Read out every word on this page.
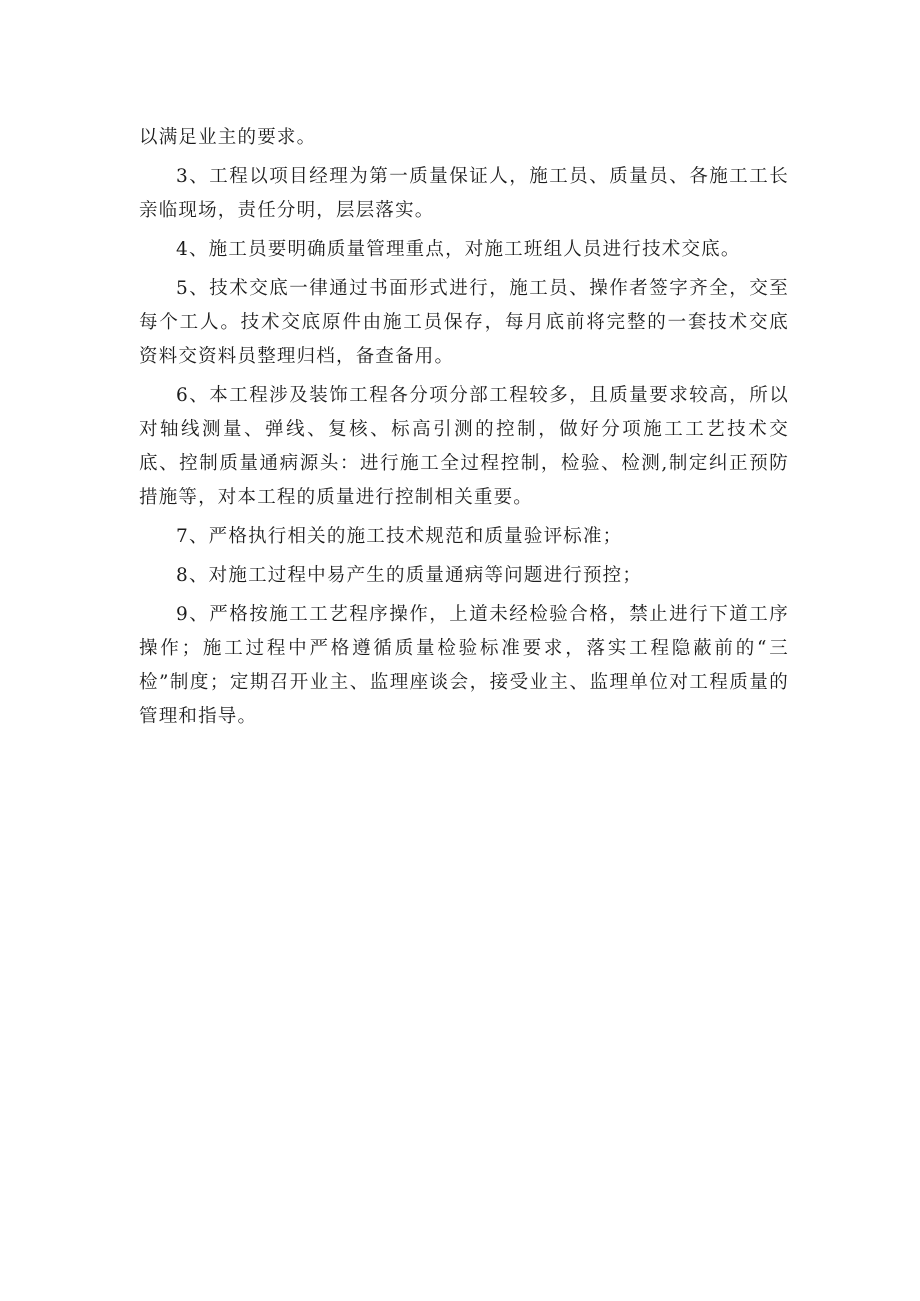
以满足业主的要求。

3、工程以项目经理为第一质量保证人，施工员、质量员、各施工工长亲临现场，责任分明，层层落实。

4、施工员要明确质量管理重点，对施工班组人员进行技术交底。

5、技术交底一律通过书面形式进行，施工员、操作者签字齐全，交至每个工人。技术交底原件由施工员保存，每月底前将完整的一套技术交底资料交资料员整理归档，备查备用。

6、本工程涉及装饰工程各分项分部工程较多，且质量要求较高，所以对轴线测量、弹线、复核、标高引测的控制，做好分项施工工艺技术交底、控制质量通病源头：进行施工全过程控制，检验、检测,制定纠正预防措施等，对本工程的质量进行控制相关重要。

7、严格执行相关的施工技术规范和质量验评标准；

8、对施工过程中易产生的质量通病等问题进行预控；

9、严格按施工工艺程序操作，上道未经检验合格，禁止进行下道工序操作；施工过程中严格遵循质量检验标准要求，落实工程隐蔽前的“三检”制度；定期召开业主、监理座谈会，接受业主、监理单位对工程质量的管理和指导。
